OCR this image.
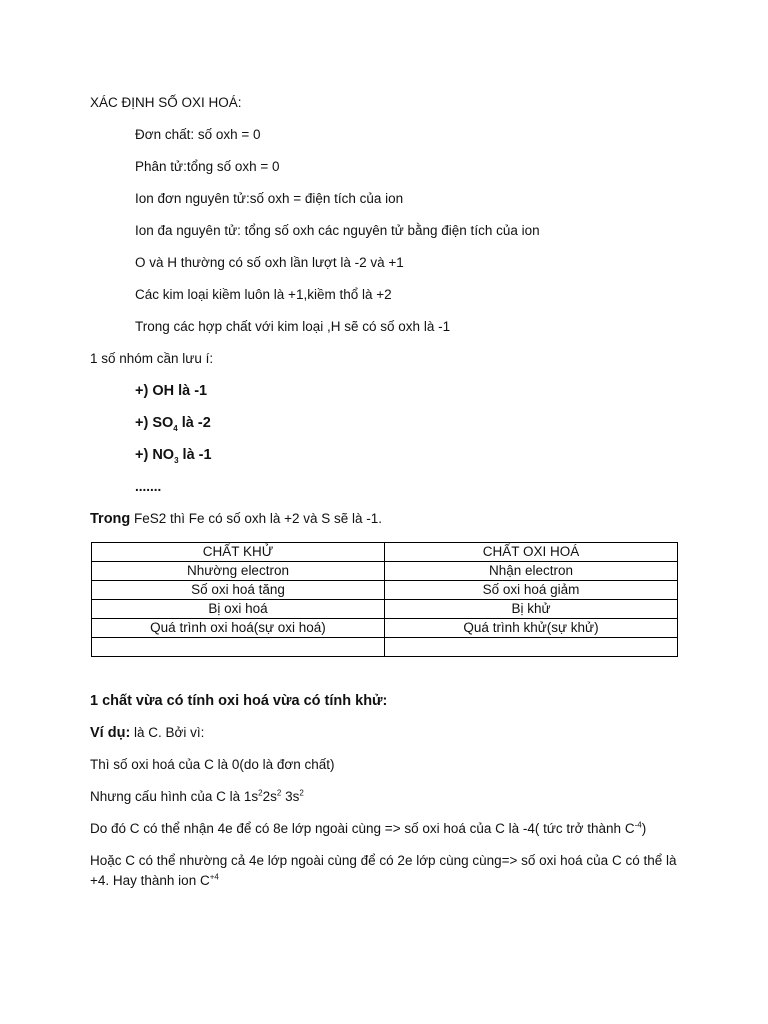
XÁC ĐỊNH SỐ OXI HOÁ:
Đơn chất: số oxh = 0
Phân tử:tổng số oxh = 0
Ion đơn nguyên tử:số oxh = điện tích của ion
Ion đa nguyên tử: tổng số oxh các nguyên tử bằng điện tích của ion
O và H thường có số oxh lần lượt là -2 và +1
Các kim loại kiềm luôn là +1,kiềm thổ là +2
Trong các hợp chất với kim loại ,H sẽ có số oxh là -1
1 số nhóm cần lưu í:
+) OH là -1
+) $SO_4$ là -2
+) $NO_3$ là -1
.......
Trong FeS2 thì Fe có số oxh là +2 và S sẽ là -1.
CHẤT KHỬ	CHẤT OXI HOÁ
Nhường electron	Nhận electron
Số oxi hoá tăng	Số oxi hoá giảm
Bị oxi hoá	Bị khử
Quá trình oxi hoá(sự oxi hoá)	Quá trình khử(sự khử)

1 chất vừa có tính oxi hoá vừa có tính khử:
Ví dụ: là C. Bởi vì:
Thì số oxi hoá của C là 0(do là đơn chất)
Nhưng cấu hình của C là $1s^22s^2$ $3s^2$
Do đó C có thể nhận 4e để có 8e lớp ngoài cùng => số oxi hoá của C là -4( tức trở thành $C^{-4}$)
Hoặc C có thể nhường cả 4e lớp ngoài cùng để có 2e lớp cùng cùng=> số oxi hoá của C có thể là +4. Hay thành ion $C^{+4}$
